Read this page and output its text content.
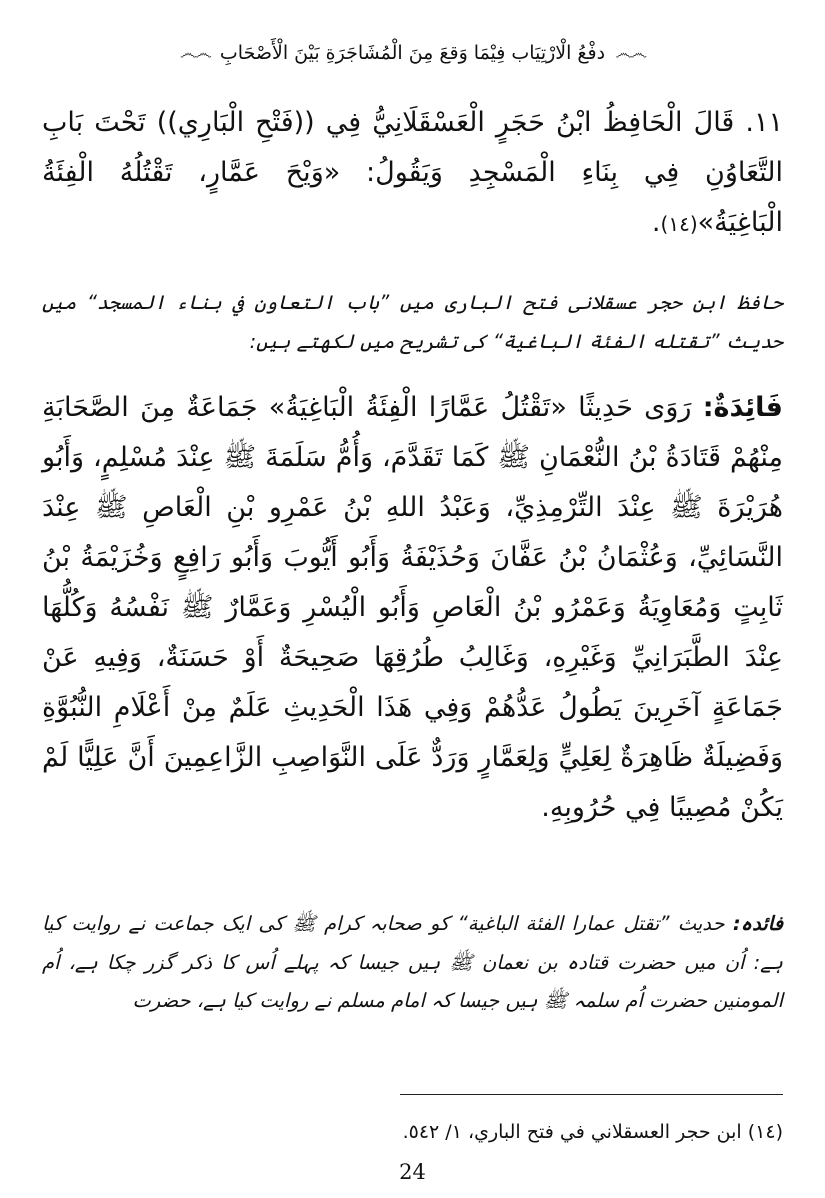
෴෴
دفْعُ الْارْتِيَاب فِيْمَا وَقعَ مِنَ الْمُشَاجَرَةِ بَيْنَ الْأَصْحَابِ
෴෴
١١. قَالَ الْحَافِظُ ابْنُ حَجَرٍ الْعَسْقَلَانِيُّ فِي ((فَتْحِ الْبَارِي)) تَحْتَ بَابِ التَّعَاوُنِ فِي بِنَاءِ الْمَسْجِدِ وَيَقُولُ: «وَيْحَ عَمَّارٍ، تَقْتُلُهُ الْفِئَةُ الْبَاغِيَةُ»(١٤).
حافظ ابن حجر عسقلانی فتح الباری میں ”باب التعاون في بناء المسجد“ میں حدیث ”تقتله الفئة الباغية“ کی تشریح میں لکھتے ہیں:
فَائِدَةٌ: رَوَى حَدِيثًا «تَقْتُلُ عَمَّارًا الْفِئَةُ الْبَاغِيَةُ» جَمَاعَةٌ مِنَ الصَّحَابَةِ مِنْهُمْ قَتَادَةُ بْنُ النُّعْمَانِ ﷺ كَمَا تَقَدَّمَ، وَأُمُّ سَلَمَةَ ﷺ عِنْدَ مُسْلِمٍ، وَأَبُو هُرَيْرَةَ ﷺ عِنْدَ التِّرْمِذِيِّ، وَعَبْدُ اللهِ بْنُ عَمْرِو بْنِ الْعَاصِ ﷺ عِنْدَ النَّسَائِيِّ، وَعُثْمَانُ بْنُ عَفَّانَ وَحُذَيْفَةُ وَأَبُو أَيُّوبَ وَأَبُو رَافِعٍ وَخُزَيْمَةُ بْنُ ثَابِتٍ وَمُعَاوِيَةُ وَعَمْرُو بْنُ الْعَاصِ وَأَبُو الْيُسْرِ وَعَمَّارٌ ﷺ نَفْسُهُ وَكُلُّهَا عِنْدَ الطَّبَرَانِيِّ وَغَيْرِهِ، وَغَالِبُ طُرُقِهَا صَحِيحَةٌ أَوْ حَسَنَةٌ، وَفِيهِ عَنْ جَمَاعَةٍ آخَرِينَ يَطُولُ عَدُّهُمْ وَفِي هَذَا الْحَدِيثِ عَلَمٌ مِنْ أَعْلَامِ النُّبُوَّةِ وَفَضِيلَةٌ ظَاهِرَةٌ لِعَلِيٍّ وَلِعَمَّارٍ وَرَدٌّ عَلَى النَّوَاصِبِ الزَّاعِمِينَ أَنَّ عَلِيًّا لَمْ يَكُنْ مُصِيبًا فِي حُرُوبِهِ.
فائدہ: حدیث ”تقتل عمارا الفئة الباغية“ کو صحابہ کرام ﷺ کی ایک جماعت نے روایت کیا ہے: اُن میں حضرت قتادہ بن نعمان ﷺ ہیں جیسا کہ پہلے اُس کا ذکر گزر چکا ہے، اُم المومنین حضرت اُم سلمہ ﷺ ہیں جیسا کہ امام مسلم نے روایت کیا ہے، حضرت
(١٤) ابن حجر العسقلاني في فتح الباري، ١/ ٥٤٢.
24
